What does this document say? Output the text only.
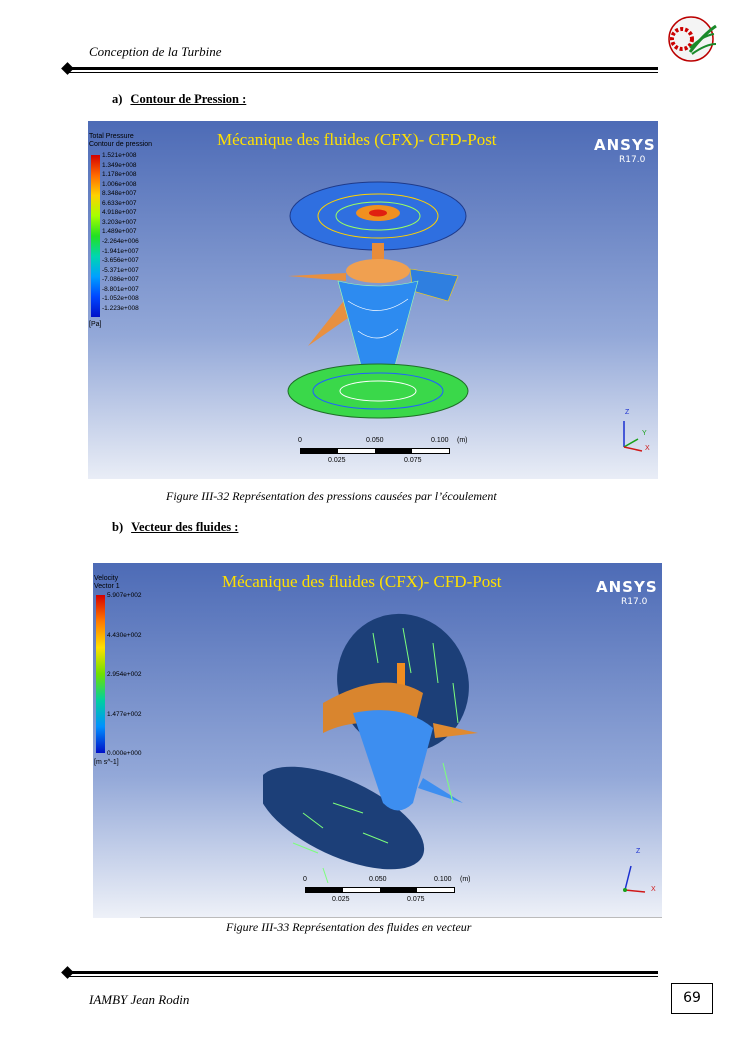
Conception de la Turbine
a) Contour de Pression :
Mécanique des fluides (CFX)- CFD-Post	ANSYS
R17.0
Total Pressure
Contour de pression
[Pa]
0	0.050	0.100 (m)
0.025	0.075
Z
Y
X
1.521e+008
1.349e+008
1.178e+008
1.006e+008
8.348e+007
6.633e+007
4.918e+007
3.203e+007
1.489e+007
-2.264e+006
-1.941e+007
-3.656e+007
-5.371e+007
-7.086e+007
-8.801e+007
-1.052e+008
-1.223e+008
Figure III-32 Représentation des pressions causées par l’écoulement
b) Vecteur des fluides :
Mécanique des fluides (CFX)- CFD-Post	ANSYS
R17.0
Velocity
Vector 1
[m s^-1]
0	0.050	0.100 (m)
0.025	0.075
Z
X
5.907e+002
4.430e+002
2.954e+002
1.477e+002
0.000e+000
Figure III-33 Représentation des fluides en vecteur
IAMBY Jean Rodin	69
